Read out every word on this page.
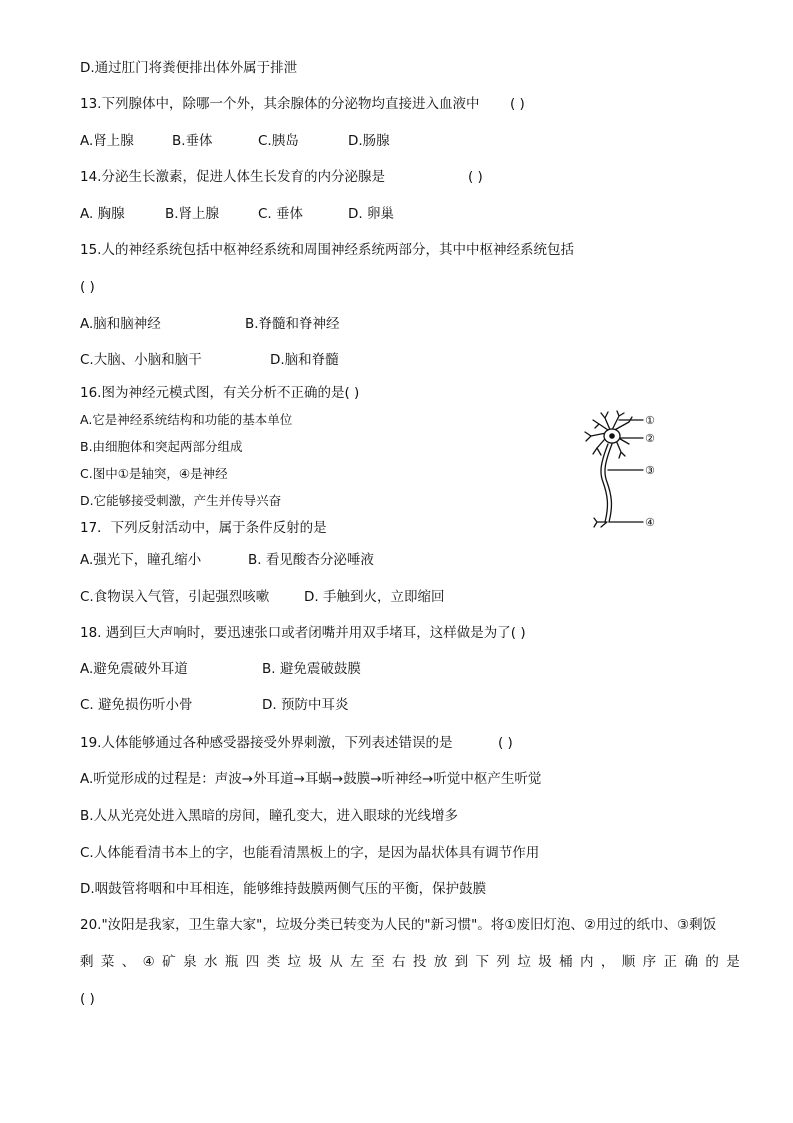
D.通过肛门将粪便排出体外属于排泄
13.下列腺体中，除哪一个外，其余腺体的分泌物均直接进入血液中 ( )
A.肾上腺	B.垂体	C.胰岛	D.肠腺
14.分泌生长激素，促进人体生长发育的内分泌腺是	( )
A. 胸腺	B.肾上腺	C. 垂体	D. 卵巢
15.人的神经系统包括中枢神经系统和周围神经系统两部分，其中中枢神经系统包括
( )
A.脑和脑神经	B.脊髓和脊神经
C.大脑、小脑和脑干	D.脑和脊髓
16.图为神经元模式图，有关分析不正确的是( )
A.它是神经系统结构和功能的基本单位
B.由细胞体和突起两部分组成
C.图中①是轴突，④是神经
D.它能够接受刺激，产生并传导兴奋
①
②
③
④
17．下列反射活动中，属于条件反射的是
A.强光下，瞳孔缩小	B. 看见酸杏分泌唾液
C.食物误入气管，引起强烈咳嗽	D. 手触到火，立即缩回
18. 遇到巨大声响时，要迅速张口或者闭嘴并用双手堵耳，这样做是为了( )
A.避免震破外耳道	B. 避免震破鼓膜
C. 避免损伤听小骨	D. 预防中耳炎
19.人体能够通过各种感受器接受外界刺激，下列表述错误的是	( )
A.听觉形成的过程是：声波→外耳道→耳蜗→鼓膜→听神经→听觉中枢产生听觉
B.人从光亮处进入黑暗的房间，瞳孔变大，进入眼球的光线增多
C.人体能看清书本上的字，也能看清黑板上的字，是因为晶状体具有调节作用
D.咽鼓管将咽和中耳相连，能够维持鼓膜两侧气压的平衡，保护鼓膜
20."汝阳是我家，卫生靠大家"，垃圾分类已转变为人民的"新习惯"。将①废旧灯泡、②用过的纸巾、③剩饭
剩 菜 、 ④ 矿 泉 水 瓶 四 类 垃 圾 从 左 至 右 投 放 到 下 列 垃 圾 桶 内 ， 顺 序 正 确 的 是
( )
